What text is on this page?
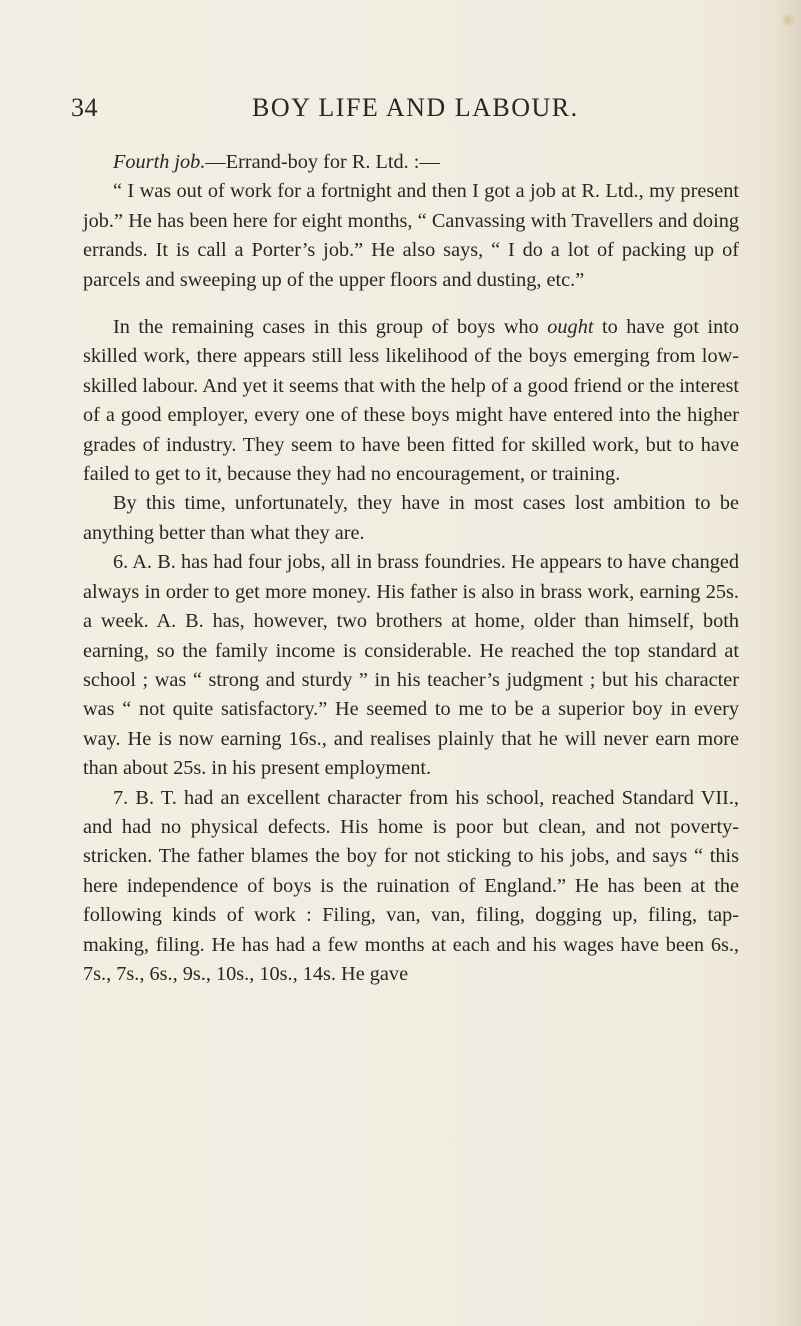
34	BOY LIFE AND LABOUR.

Fourth job.—Errand-boy for R. Ltd. :—

“ I was out of work for a fortnight and then I got a job at R. Ltd., my present job.” He has been here for eight months, “ Canvassing with Travellers and doing errands. It is call a Porter’s job.” He also says, “ I do a lot of packing up of parcels and sweeping up of the upper floors and dusting, etc.”

In the remaining cases in this group of boys who ought to have got into skilled work, there appears still less likelihood of the boys emerging from low-skilled labour. And yet it seems that with the help of a good friend or the interest of a good employer, every one of these boys might have entered into the higher grades of industry. They seem to have been fitted for skilled work, but to have failed to get to it, because they had no encouragement, or training.

By this time, unfortunately, they have in most cases lost ambition to be anything better than what they are.

6. A. B. has had four jobs, all in brass foundries. He appears to have changed always in order to get more money. His father is also in brass work, earning 25s. a week. A. B. has, however, two brothers at home, older than himself, both earning, so the family income is considerable. He reached the top standard at school ; was “ strong and sturdy ” in his teacher’s judgment ; but his character was “ not quite satisfactory.” He seemed to me to be a superior boy in every way. He is now earning 16s., and realises plainly that he will never earn more than about 25s. in his present employment.

7. B. T. had an excellent character from his school, reached Standard VII., and had no physical defects. His home is poor but clean, and not poverty-stricken. The father blames the boy for not sticking to his jobs, and says “ this here independence of boys is the ruination of England.” He has been at the following kinds of work : Filing, van, van, filing, dogging up, filing, tap-making, filing. He has had a few months at each and his wages have been 6s., 7s., 7s., 6s., 9s., 10s., 10s., 14s. He gave
